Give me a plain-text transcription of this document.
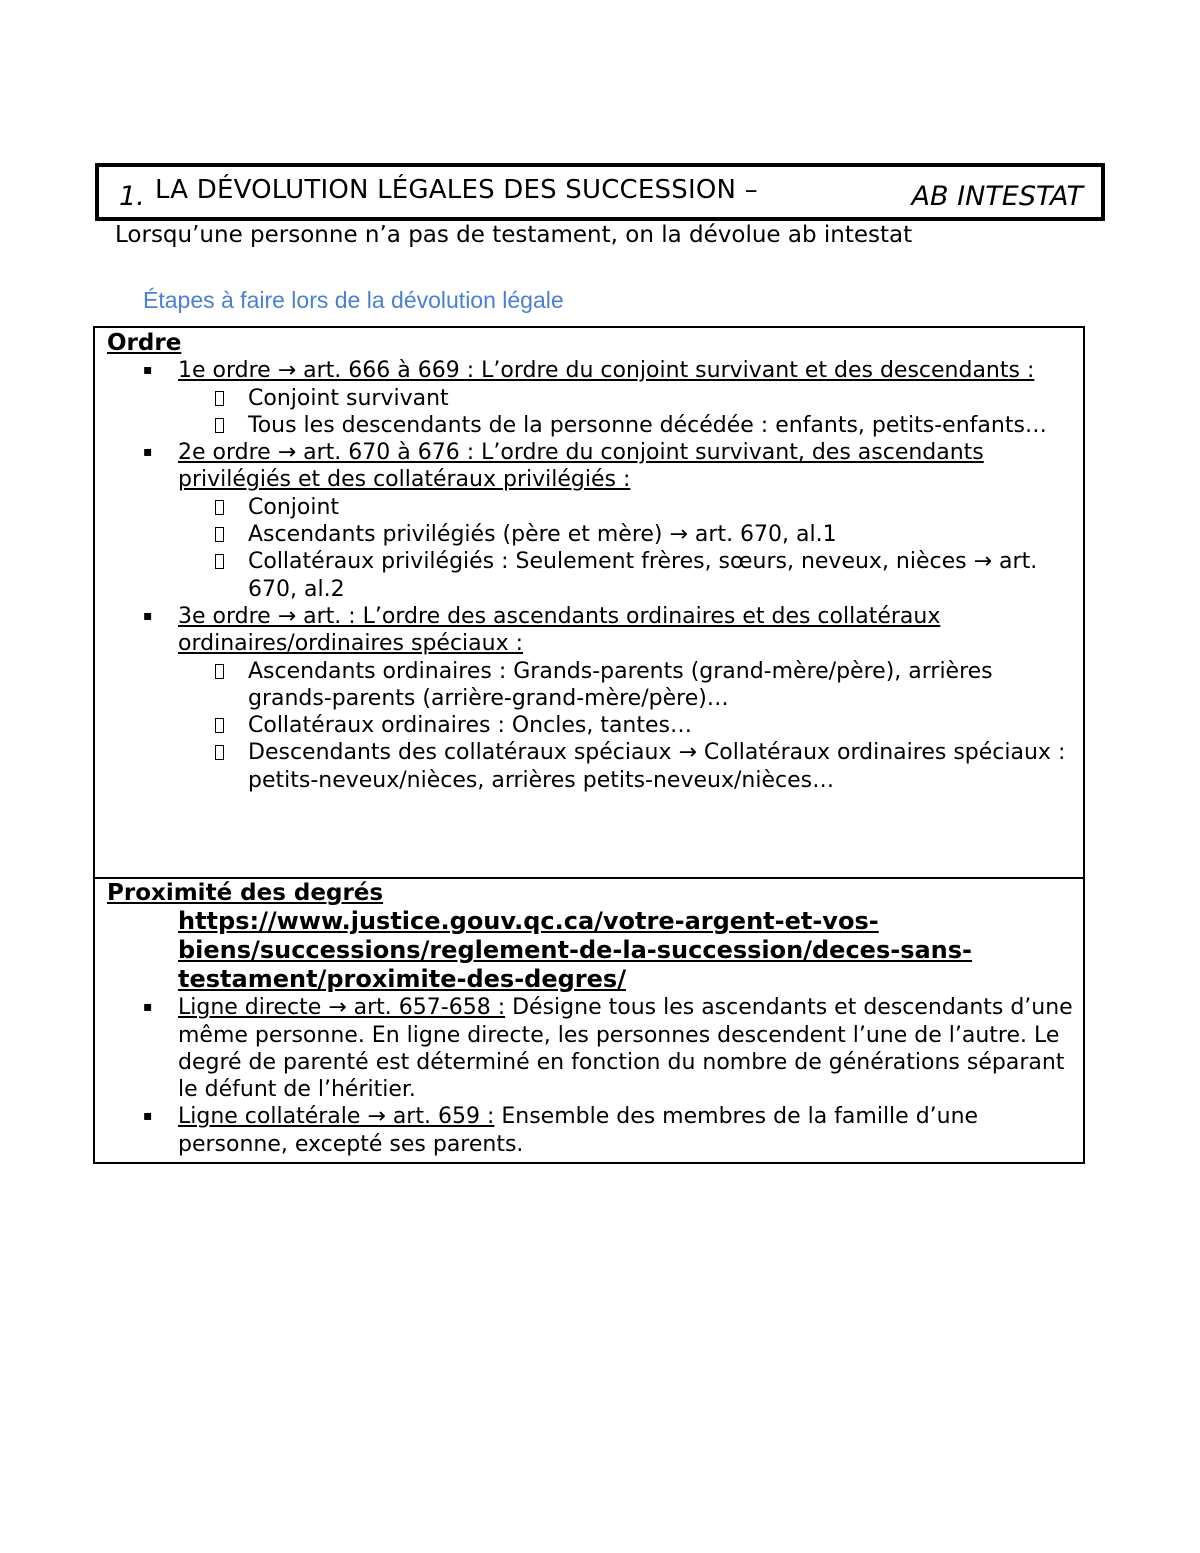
1. LA DÉVOLUTION LÉGALES DES SUCCESSION –	AB INTESTAT
Lorsqu’une personne n’a pas de testament, on la dévolue ab intestat
Étapes à faire lors de la dévolution légale
Ordre
▪ 1e ordre → art. 666 à 669 : L’ordre du conjoint survivant et des descendants :
Conjoint survivant
Tous les descendants de la personne décédée : enfants, petits-enfants…
▪ 2e ordre → art. 670 à 676 : L’ordre du conjoint survivant, des ascendants privilégiés et des collatéraux privilégiés :
Conjoint
Ascendants privilégiés (père et mère) → art. 670, al.1
Collatéraux privilégiés : Seulement frères, sœurs, neveux, nièces → art. 670, al.2
▪ 3e ordre → art. : L’ordre des ascendants ordinaires et des collatéraux ordinaires/ordinaires spéciaux :
Ascendants ordinaires : Grands-parents (grand-mère/père), arrières grands-parents (arrière-grand-mère/père)…
Collatéraux ordinaires : Oncles, tantes…
Descendants des collatéraux spéciaux → Collatéraux ordinaires spéciaux : petits-neveux/nièces, arrières petits-neveux/nièces…
Proximité des degrés
https://www.justice.gouv.qc.ca/votre-argent-et-vos-biens/successions/reglement-de-la-succession/deces-sans-testament/proximite-des-degres/
▪ Ligne directe → art. 657-658 : Désigne tous les ascendants et descendants d’une même personne. En ligne directe, les personnes descendent l’une de l’autre. Le degré de parenté est déterminé en fonction du nombre de générations séparant le défunt de l’héritier.
▪ Ligne collatérale → art. 659 : Ensemble des membres de la famille d’une personne, excepté ses parents.
